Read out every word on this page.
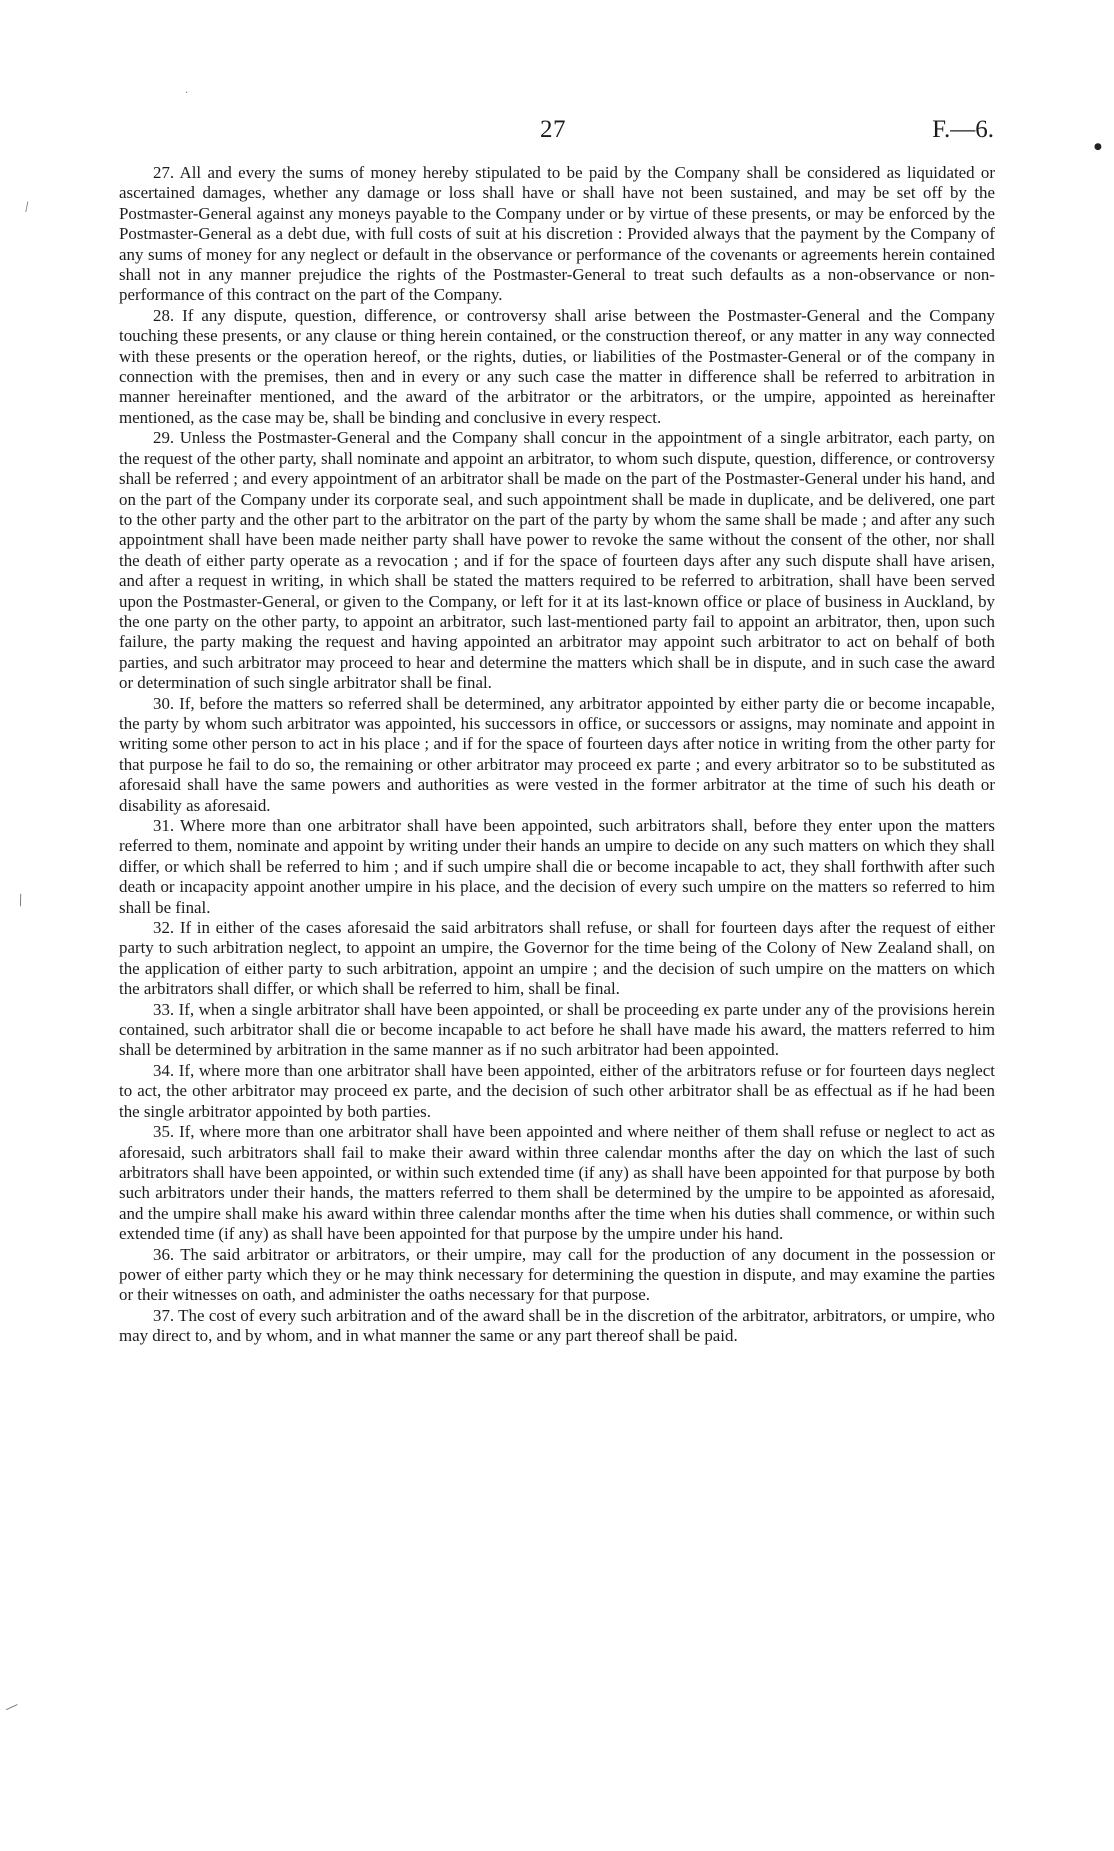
27	F.—6.
·
●
⁄
⁄
⁄

27. All and every the sums of money hereby stipulated to be paid by the Company shall be considered as liquidated or ascertained damages, whether any damage or loss shall have or shall have not been sustained, and may be set off by the Postmaster-General against any moneys payable to the Company under or by virtue of these presents, or may be enforced by the Postmaster-General as a debt due, with full costs of suit at his discretion : Provided always that the payment by the Company of any sums of money for any neglect or default in the observance or performance of the covenants or agreements herein contained shall not in any manner prejudice the rights of the Postmaster-General to treat such defaults as a non-observance or non-performance of this contract on the part of the Company.

28. If any dispute, question, difference, or controversy shall arise between the Postmaster-General and the Company touching these presents, or any clause or thing herein contained, or the construction thereof, or any matter in any way connected with these presents or the operation hereof, or the rights, duties, or liabilities of the Postmaster-General or of the company in connection with the premises, then and in every or any such case the matter in difference shall be referred to arbitration in manner hereinafter mentioned, and the award of the arbitrator or the arbitrators, or the umpire, appointed as hereinafter mentioned, as the case may be, shall be binding and conclusive in every respect.

29. Unless the Postmaster-General and the Company shall concur in the appointment of a single arbitrator, each party, on the request of the other party, shall nominate and appoint an arbitrator, to whom such dispute, question, difference, or controversy shall be referred ; and every appointment of an arbitrator shall be made on the part of the Postmaster-General under his hand, and on the part of the Company under its corporate seal, and such appointment shall be made in duplicate, and be delivered, one part to the other party and the other part to the arbitrator on the part of the party by whom the same shall be made ; and after any such appointment shall have been made neither party shall have power to revoke the same without the consent of the other, nor shall the death of either party operate as a revocation ; and if for the space of fourteen days after any such dispute shall have arisen, and after a request in writing, in which shall be stated the matters required to be referred to arbitration, shall have been served upon the Postmaster-General, or given to the Company, or left for it at its last-known office or place of business in Auckland, by the one party on the other party, to appoint an arbitrator, such last-mentioned party fail to appoint an arbitrator, then, upon such failure, the party making the request and having appointed an arbitrator may appoint such arbitrator to act on behalf of both parties, and such arbitrator may proceed to hear and determine the matters which shall be in dispute, and in such case the award or determination of such single arbitrator shall be final.

30. If, before the matters so referred shall be determined, any arbitrator appointed by either party die or become incapable, the party by whom such arbitrator was appointed, his successors in office, or successors or assigns, may nominate and appoint in writing some other person to act in his place ; and if for the space of fourteen days after notice in writing from the other party for that purpose he fail to do so, the remaining or other arbitrator may proceed ex parte ; and every arbitrator so to be substituted as aforesaid shall have the same powers and authorities as were vested in the former arbitrator at the time of such his death or disability as aforesaid.

31. Where more than one arbitrator shall have been appointed, such arbitrators shall, before they enter upon the matters referred to them, nominate and appoint by writing under their hands an umpire to decide on any such matters on which they shall differ, or which shall be referred to him ; and if such umpire shall die or become incapable to act, they shall forthwith after such death or incapacity appoint another umpire in his place, and the decision of every such umpire on the matters so referred to him shall be final.

32. If in either of the cases aforesaid the said arbitrators shall refuse, or shall for fourteen days after the request of either party to such arbitration neglect, to appoint an umpire, the Governor for the time being of the Colony of New Zealand shall, on the application of either party to such arbitration, appoint an umpire ; and the decision of such umpire on the matters on which the arbitrators shall differ, or which shall be referred to him, shall be final.

33. If, when a single arbitrator shall have been appointed, or shall be proceeding ex parte under any of the provisions herein contained, such arbitrator shall die or become incapable to act before he shall have made his award, the matters referred to him shall be determined by arbitration in the same manner as if no such arbitrator had been appointed.

34. If, where more than one arbitrator shall have been appointed, either of the arbitrators refuse or for fourteen days neglect to act, the other arbitrator may proceed ex parte, and the decision of such other arbitrator shall be as effectual as if he had been the single arbitrator appointed by both parties.

35. If, where more than one arbitrator shall have been appointed and where neither of them shall refuse or neglect to act as aforesaid, such arbitrators shall fail to make their award within three calendar months after the day on which the last of such arbitrators shall have been appointed, or within such extended time (if any) as shall have been appointed for that purpose by both such arbitrators under their hands, the matters referred to them shall be determined by the umpire to be appointed as aforesaid, and the umpire shall make his award within three calendar months after the time when his duties shall commence, or within such extended time (if any) as shall have been appointed for that purpose by the umpire under his hand.

36. The said arbitrator or arbitrators, or their umpire, may call for the production of any document in the possession or power of either party which they or he may think necessary for determining the question in dispute, and may examine the parties or their witnesses on oath, and administer the oaths necessary for that purpose.

37. The cost of every such arbitration and of the award shall be in the discretion of the arbitrator, arbitrators, or umpire, who may direct to, and by whom, and in what manner the same or any part thereof shall be paid.
